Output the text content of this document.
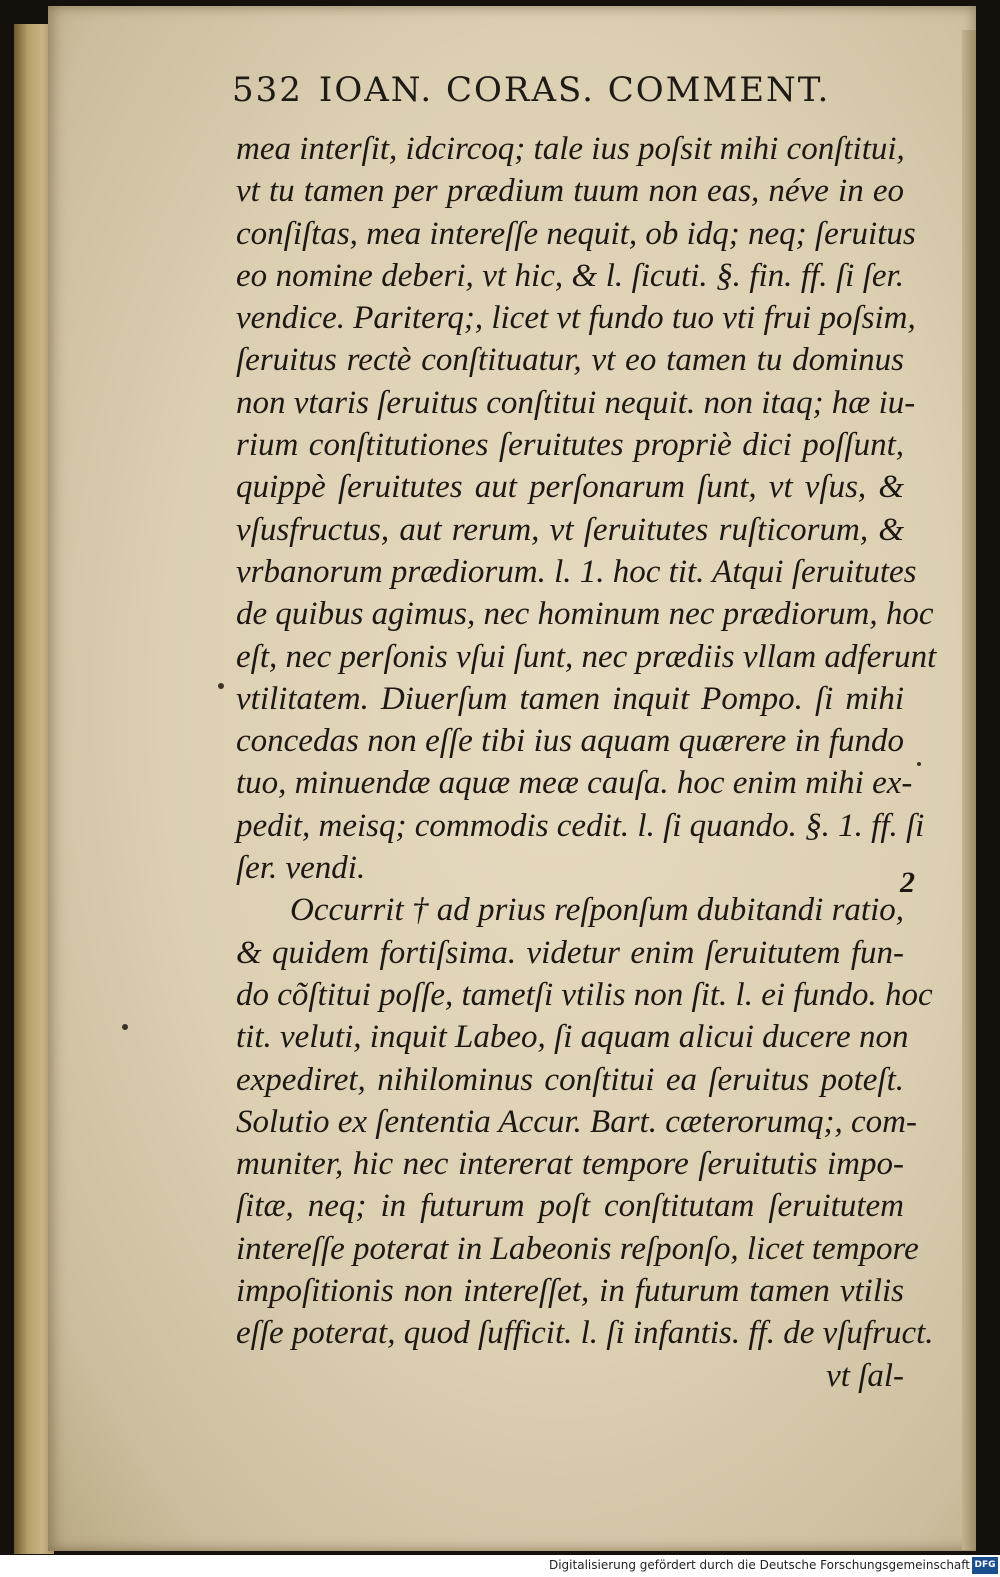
532 IOAN. CORAS. COMMENT.
mea interſit, idcircoq; tale ius poſsit mihi conſtitui,
vt tu tamen per prædium tuum non eas, néve in eo
conſiſtas, mea intereſſe nequit, ob idq; neq; ſeruitus
eo nomine deberi, vt hic, & l. ſicuti. §. fin. ff. ſi ſer.
vendice. Pariterq;, licet vt fundo tuo vti frui poſsim,
ſeruitus rectè conſtituatur, vt eo tamen tu dominus
non vtaris ſeruitus conſtitui nequit. non itaq; hæ iu-
rium conſtitutiones ſeruitutes propriè dici poſſunt,
quippè ſeruitutes aut perſonarum ſunt, vt vſus, &
vſusfructus, aut rerum, vt ſeruitutes ruſticorum, &
vrbanorum prædiorum. l. 1. hoc tit. Atqui ſeruitutes
de quibus agimus, nec hominum nec prædiorum, hoc
eſt, nec perſonis vſui ſunt, nec prædiis vllam adferunt
vtilitatem. Diuerſum tamen inquit Pompo. ſi mihi
concedas non eſſe tibi ius aquam quærere in fundo
tuo, minuendæ aquæ meæ cauſa. hoc enim mihi ex-
pedit, meisq; commodis cedit. l. ſi quando. §. 1. ff. ſi
ſer. vendi.
Occurrit † ad prius reſponſum dubitandi ratio,
& quidem fortiſsima. videtur enim ſeruitutem fun-
do cõſtitui poſſe, tametſi vtilis non ſit. l. ei fundo. hoc
tit. veluti, inquit Labeo, ſi aquam alicui ducere non
expediret, nihilominus conſtitui ea ſeruitus poteſt.
Solutio ex ſententia Accur. Bart. cæterorumq;, com-
muniter, hic nec intererat tempore ſeruitutis impo-
ſitæ, neq; in futurum poſt conſtitutam ſeruitutem
intereſſe poterat in Labeonis reſponſo, licet tempore
impoſitionis non intereſſet, in futurum tamen vtilis
eſſe poterat, quod ſufficit. l. ſi infantis. ff. de vſufruct.
vt ſal-
2
Digitalisierung gefördert durch die Deutsche Forschungsgemeinschaft DFG
